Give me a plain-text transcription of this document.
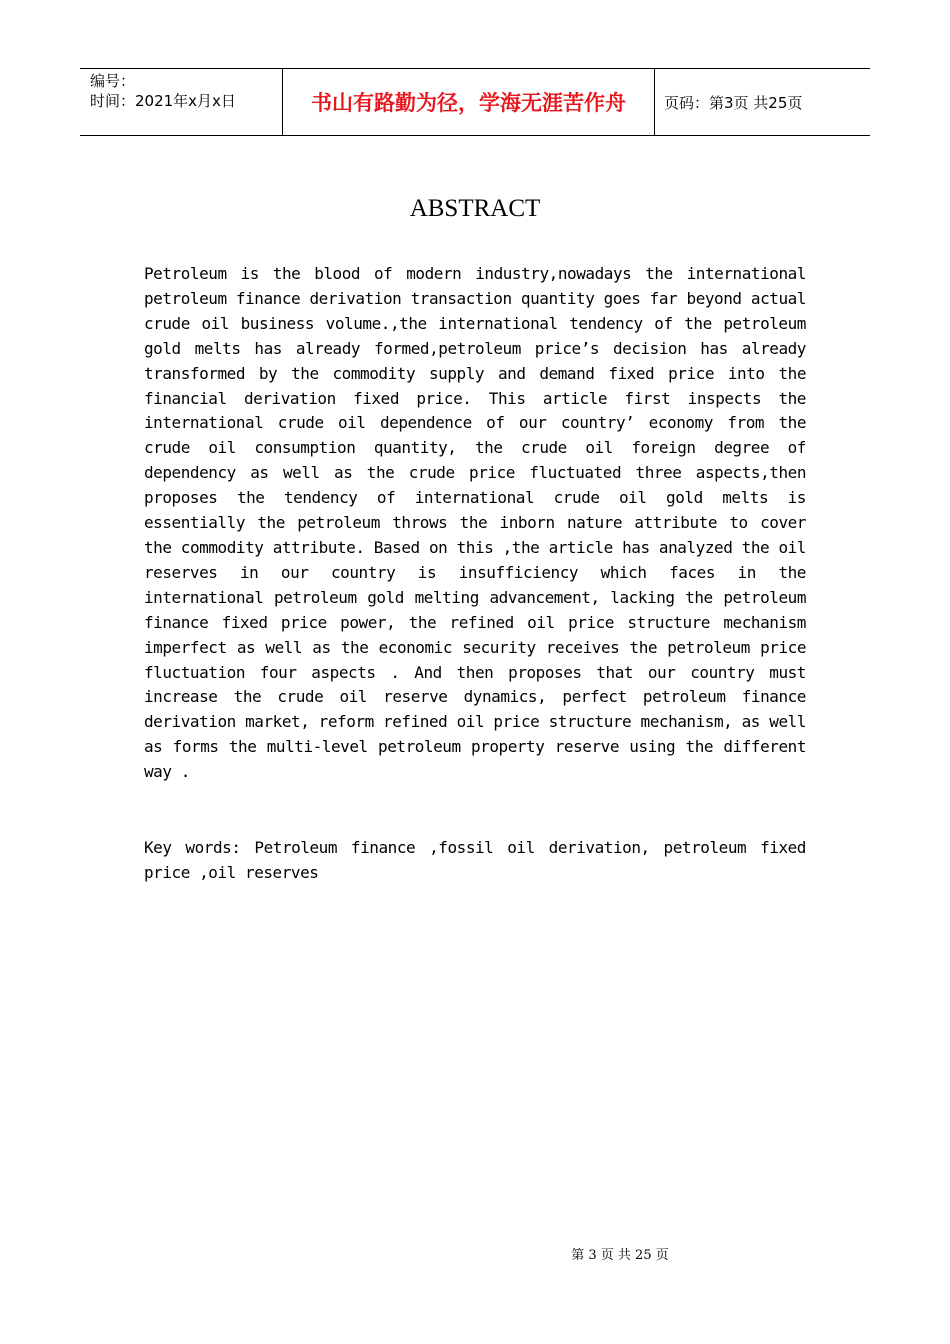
编号：
时间：2021年x月x日	书山有路勤为径，学海无涯苦作舟	页码：第3页 共25页
ABSTRACT

Petroleum is the blood of modern industry,nowadays the international petroleum finance derivation transaction quantity goes far beyond actual crude oil business volume.,the international tendency of the petroleum gold melts has already formed,petroleum price’s decision has already transformed by the commodity supply and demand fixed price into the financial derivation fixed price. This article first inspects the international crude oil dependence of our country’ economy from the crude oil consumption quantity, the crude oil foreign degree of dependency as well as the crude price fluctuated three aspects,then proposes the tendency of international crude oil gold melts is essentially the petroleum throws the inborn nature attribute to cover the commodity attribute. Based on this ,the article has analyzed the oil reserves in our country is insufficiency which faces in the international petroleum gold melting advancement, lacking the petroleum finance fixed price power, the refined oil price structure mechanism imperfect as well as the economic security receives the petroleum price fluctuation four aspects . And then proposes that our country must increase the crude oil reserve dynamics, perfect petroleum finance derivation market, reform refined oil price structure mechanism, as well as forms the multi-level petroleum property reserve using the different way .

Key words: Petroleum finance ,fossil oil derivation, petroleum fixed price ,oil reserves

第 3 页 共 25 页
